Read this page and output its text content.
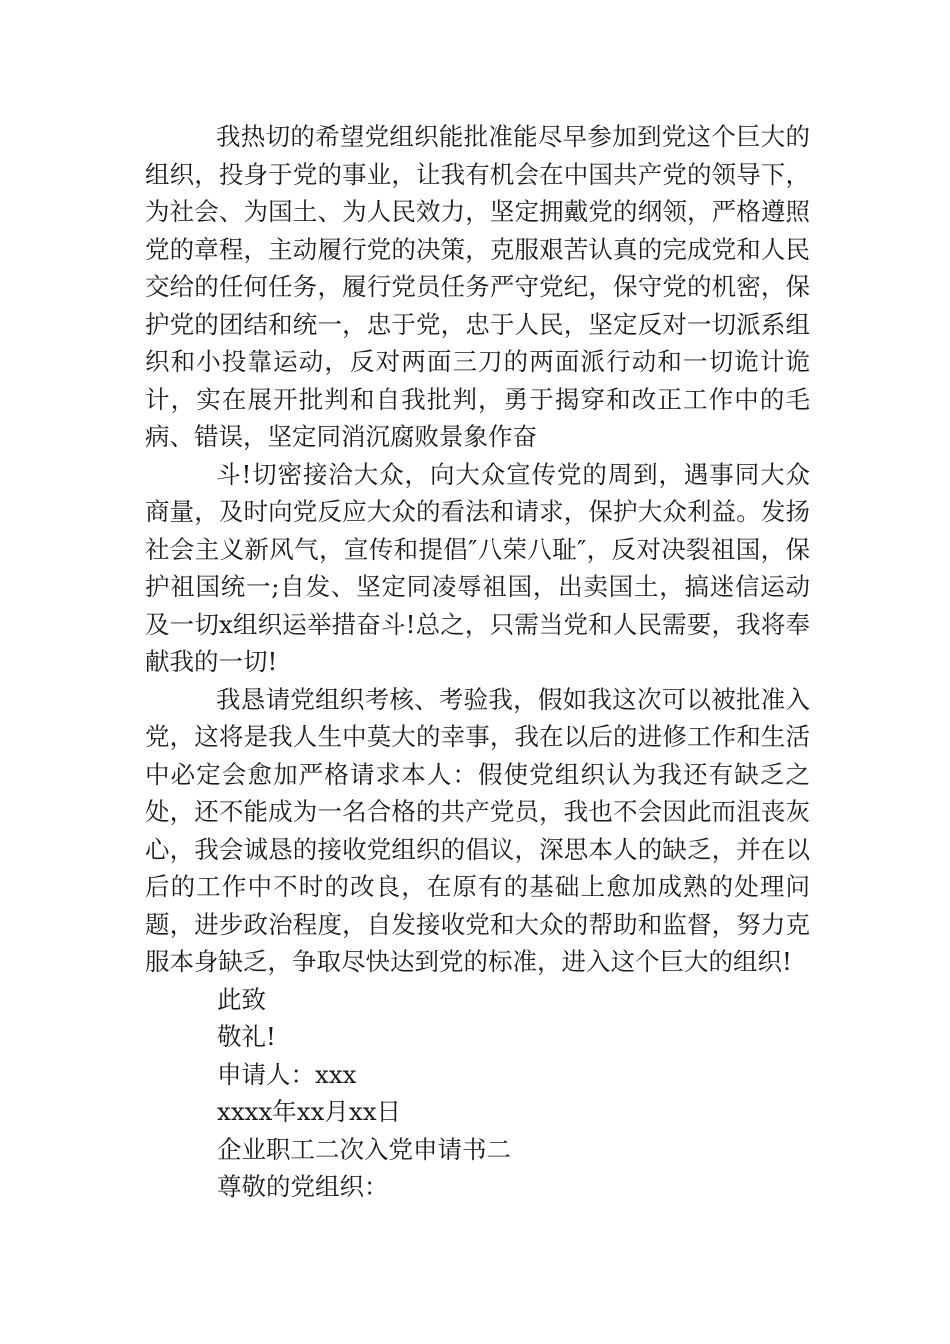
我热切的希望党组织能批准能尽早参加到党这个巨大的组织，投身于党的事业，让我有机会在中国共产党的领导下，为社会、为国土、为人民效力，坚定拥戴党的纲领，严格遵照党的章程，主动履行党的决策，克服艰苦认真的完成党和人民交给的任何任务，履行党员任务严守党纪，保守党的机密，保护党的团结和统一，忠于党，忠于人民，坚定反对一切派系组织和小投靠运动，反对两面三刀的两面派行动和一切诡计诡计，实在展开批判和自我批判，勇于揭穿和改正工作中的毛病、错误，坚定同消沉腐败景象作奋

斗!切密接洽大众，向大众宣传党的周到，遇事同大众商量，及时向党反应大众的看法和请求，保护大众利益。发扬社会主义新风气，宣传和提倡″八荣八耻″，反对决裂祖国，保护祖国统一;自发、坚定同凌辱祖国，出卖国土，搞迷信运动及一切x组织运举措奋斗!总之，只需当党和人民需要，我将奉献我的一切!

我恳请党组织考核、考验我，假如我这次可以被批准入党，这将是我人生中莫大的幸事，我在以后的进修工作和生活中必定会愈加严格请求本人：假使党组织认为我还有缺乏之处，还不能成为一名合格的共产党员，我也不会因此而沮丧灰心，我会诚恳的接收党组织的倡议，深思本人的缺乏，并在以后的工作中不时的改良，在原有的基础上愈加成熟的处理问题，进步政治程度，自发接收党和大众的帮助和监督，努力克服本身缺乏，争取尽快达到党的标准，进入这个巨大的组织!

此致

敬礼!

申请人：xxx

xxxx年xx月xx日

企业职工二次入党申请书二

尊敬的党组织：
